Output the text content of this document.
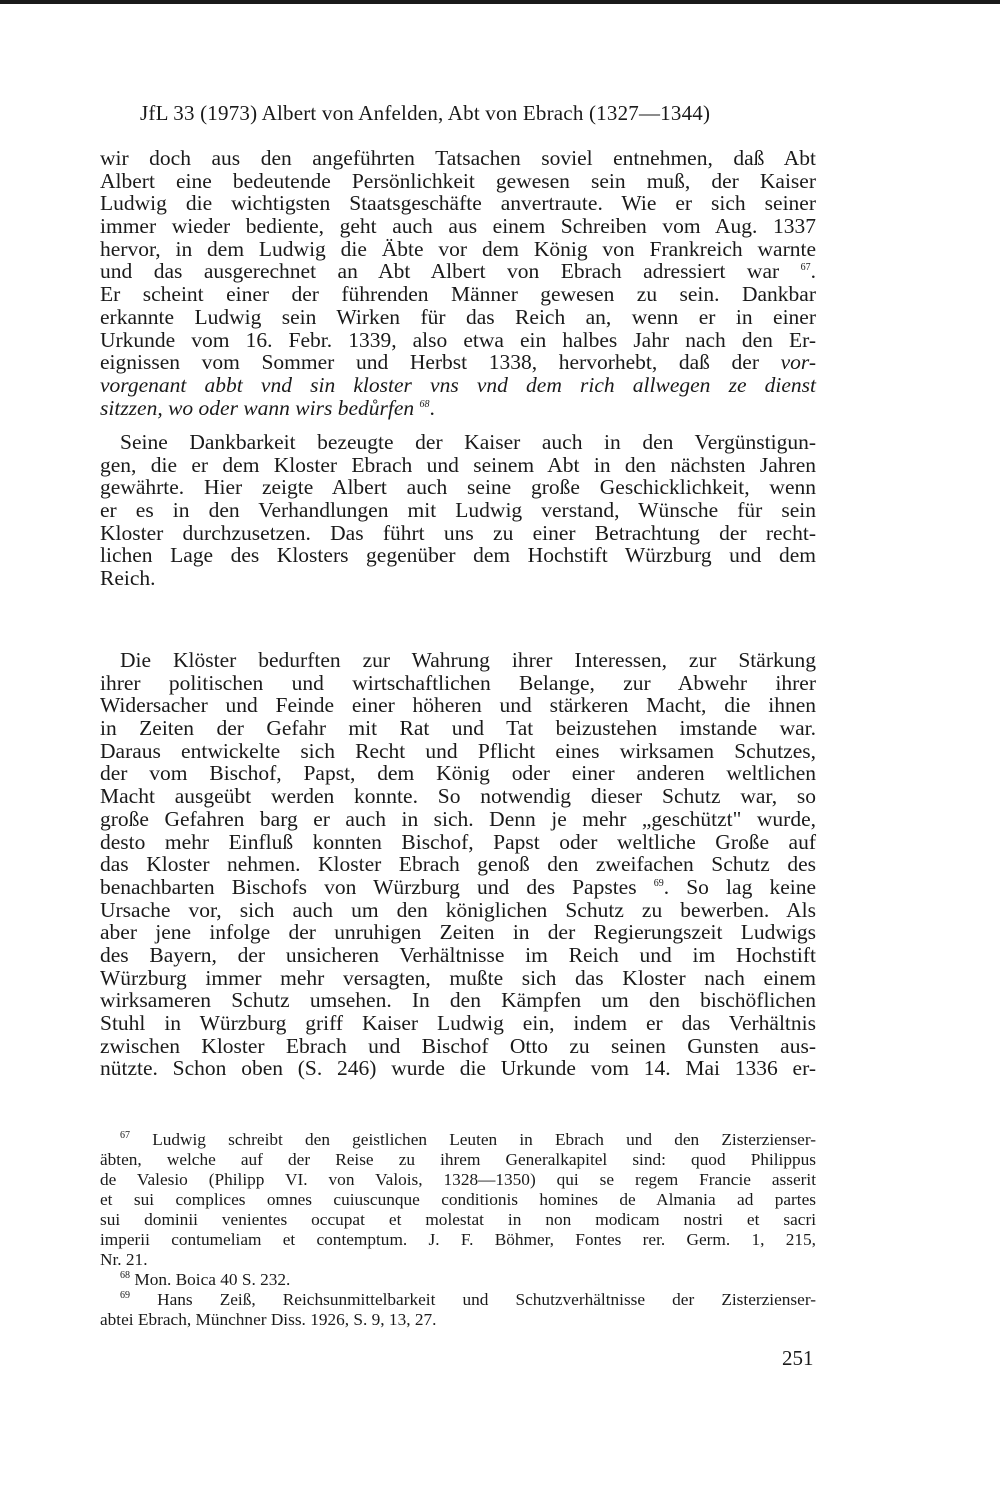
JfL 33 (1973) Albert von Anfelden, Abt von Ebrach (1327—1344)
wir doch aus den angeführten Tatsachen soviel entnehmen, daß Abt
Albert eine bedeutende Persönlichkeit gewesen sein muß, der Kaiser
Ludwig die wichtigsten Staatsgeschäfte anvertraute. Wie er sich seiner
immer wieder bediente, geht auch aus einem Schreiben vom Aug. 1337
hervor, in dem Ludwig die Äbte vor dem König von Frankreich warnte
und das ausgerechnet an Abt Albert von Ebrach adressiert war $^{67}$.
Er scheint einer der führenden Männer gewesen zu sein. Dankbar
erkannte Ludwig sein Wirken für das Reich an, wenn er in einer
Urkunde vom 16. Febr. 1339, also etwa ein halbes Jahr nach den Er-
eignissen vom Sommer und Herbst 1338, hervorhebt, daß der vor-
vorgenant abbt vnd sin kloster vns vnd dem rich allwegen ze dienst
sitzzen, wo oder wann wirs bedůrfen $^{68}$.
Seine Dankbarkeit bezeugte der Kaiser auch in den Vergünstigun-
gen, die er dem Kloster Ebrach und seinem Abt in den nächsten Jahren
gewährte. Hier zeigte Albert auch seine große Geschicklichkeit, wenn
er es in den Verhandlungen mit Ludwig verstand, Wünsche für sein
Kloster durchzusetzen. Das führt uns zu einer Betrachtung der recht-
lichen Lage des Klosters gegenüber dem Hochstift Würzburg und dem
Reich.
Die Klöster bedurften zur Wahrung ihrer Interessen, zur Stärkung
ihrer politischen und wirtschaftlichen Belange, zur Abwehr ihrer
Widersacher und Feinde einer höheren und stärkeren Macht, die ihnen
in Zeiten der Gefahr mit Rat und Tat beizustehen imstande war.
Daraus entwickelte sich Recht und Pflicht eines wirksamen Schutzes,
der vom Bischof, Papst, dem König oder einer anderen weltlichen
Macht ausgeübt werden konnte. So notwendig dieser Schutz war, so
große Gefahren barg er auch in sich. Denn je mehr „geschützt" wurde,
desto mehr Einfluß konnten Bischof, Papst oder weltliche Große auf
das Kloster nehmen. Kloster Ebrach genoß den zweifachen Schutz des
benachbarten Bischofs von Würzburg und des Papstes $^{69}$. So lag keine
Ursache vor, sich auch um den königlichen Schutz zu bewerben. Als
aber jene infolge der unruhigen Zeiten in der Regierungszeit Ludwigs
des Bayern, der unsicheren Verhältnisse im Reich und im Hochstift
Würzburg immer mehr versagten, mußte sich das Kloster nach einem
wirksameren Schutz umsehen. In den Kämpfen um den bischöflichen
Stuhl in Würzburg griff Kaiser Ludwig ein, indem er das Verhältnis
zwischen Kloster Ebrach und Bischof Otto zu seinen Gunsten aus-
nützte. Schon oben (S. 246) wurde die Urkunde vom 14. Mai 1336 er-
$^{67}$ Ludwig schreibt den geistlichen Leuten in Ebrach und den Zisterzienser-
äbten, welche auf der Reise zu ihrem Generalkapitel sind: quod Philippus
de Valesio (Philipp VI. von Valois, 1328—1350) qui se regem Francie asserit
et sui complices omnes cuiuscunque conditionis homines de Almania ad partes
sui dominii venientes occupat et molestat in non modicam nostri et sacri
imperii contumeliam et contemptum. J. F. Böhmer, Fontes rer. Germ. 1, 215,
Nr. 21.
$^{68}$ Mon. Boica 40 S. 232.
$^{69}$ Hans Zeiß, Reichsunmittelbarkeit und Schutzverhältnisse der Zisterzienser-
abtei Ebrach, Münchner Diss. 1926, S. 9, 13, 27.
251
